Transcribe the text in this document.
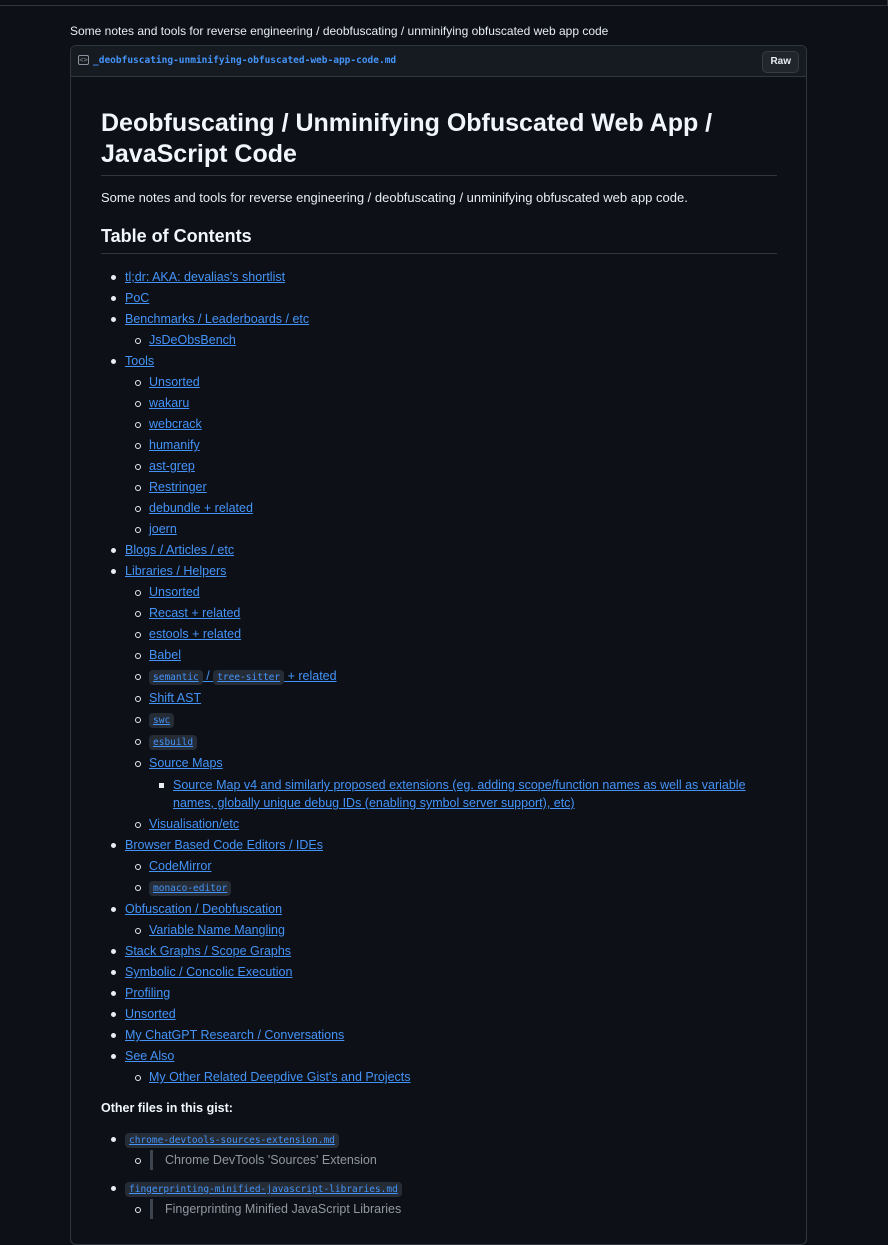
Some notes and tools for reverse engineering / deobfuscating / unminifying obfuscated web app code
<> _deobfuscating-unminifying-obfuscated-web-app-code.md	Raw
Deobfuscating / Unminifying Obfuscated Web App / JavaScript Code

Some notes and tools for reverse engineering / deobfuscating / unminifying obfuscated web app code.

Table of Contents
tl;dr: AKA: devalias's shortlist
PoC
Benchmarks / Leaderboards / etc
JsDeObsBench
Tools
Unsorted
wakaru
webcrack
humanify
ast-grep
Restringer
debundle + related
joern
Blogs / Articles / etc
Libraries / Helpers
Unsorted
Recast + related
estools + related
Babel
semantic / tree-sitter + related
Shift AST
swc
esbuild
Source Maps
Source Map v4 and similarly proposed extensions (eg. adding scope/function names as well as variable names, globally unique debug IDs (enabling symbol server support), etc)
Visualisation/etc
Browser Based Code Editors / IDEs
CodeMirror
monaco-editor
Obfuscation / Deobfuscation
Variable Name Mangling
Stack Graphs / Scope Graphs
Symbolic / Concolic Execution
Profiling
Unsorted
My ChatGPT Research / Conversations
See Also
My Other Related Deepdive Gist's and Projects
Other files in this gist:
chrome-devtools-sources-extension.md
Chrome DevTools 'Sources' Extension
fingerprinting-minified-javascript-libraries.md
Fingerprinting Minified JavaScript Libraries
